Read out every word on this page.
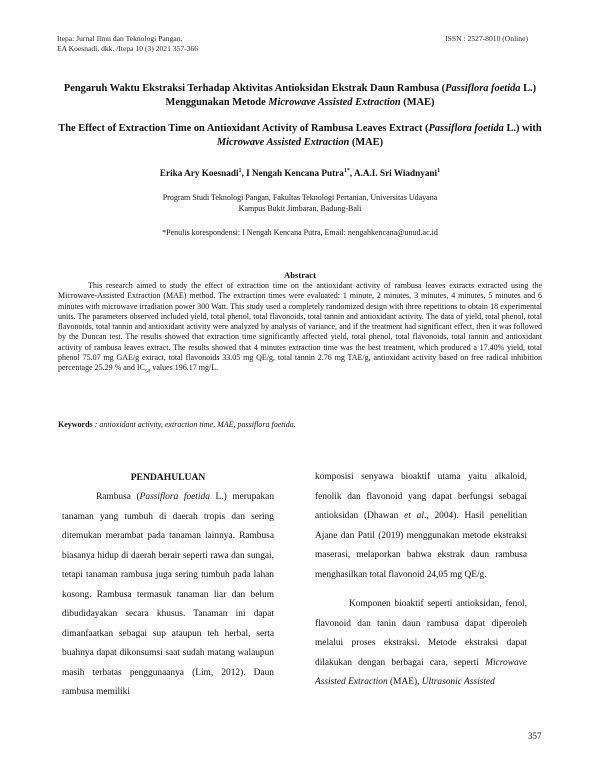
Itepa: Jurnal Ilmu dan Teknologi Pangan,
EA Koesnadi, dkk. /Itepa 10 (3) 2021 357-366
ISSN : 2527-8010 (Online)
Pengaruh Waktu Ekstraksi Terhadap Aktivitas Antioksidan Ekstrak Daun Rambusa (Passiflora foetida L.) Menggunakan Metode Microwave Assisted Extraction (MAE)
The Effect of Extraction Time on Antioxidant Activity of Rambusa Leaves Extract (Passiflora foetida L.) with Microwave Assisted Extraction (MAE)
Erika Ary Koesnadi$^1$, I Nengah Kencana Putra$^{1*}$, A.A.I. Sri Wiadnyani$^1$
Program Studi Teknologi Pangan, Fakultas Teknologi Pertanian, Universitas Udayana
Kampus Bukit Jimbaran, Badung-Bali
*Penulis korespondensi: I Nengah Kencana Putra, Email: nengahkencana@unud.ac.id
Abstract
This research aimed to study the effect of extraction time on the antioxidant activity of rambusa leaves extracts extracted using the Microwave-Assisted Extraction (MAE) method. The extraction times were evaluated: 1 minute, 2 minutes, 3 minutes, 4 minutes, 5 minutes and 6 minutes with microwave irradiation power 300 Watt. This study used a completely randomized design with three repetitions to obtain 18 experimental units. The parameters observed included yield, total phenol, total flavonoids, total tannin and antioxidant activity. The data of yield, total phenol, total flavonoids, total tannin and antioxidant activity were analyzed by analysis of variance, and if the treatment had significant effect, then it was followed by the Duncan test. The results showed that extraction time significantly affected yield, total phenol, total flavonoids, total tannin and antioxidant activity of rambusa leaves extract. The results showed that 4 minutes extraction time was the best treatment, which produced a 17.40% yield, total phenol 75.07 mg GAE/g extract, total flavonoids 33.05 mg QE/g, total tannin 2.76 mg TAE/g, antioxidant activity based on free radical inhibition percentage 25.29 % and $IC_{50}$ values 196.17 mg/L.
Keywords : antioxidant activity, extraction time, MAE, passiflora foetida.
PENDAHULUAN

Rambusa (Passiflora foetida L.) merupakan tanaman yang tumbuh di daerah tropis dan sering ditemukan merambat pada tanaman lainnya. Rambusa biasanya hidup di daerah berair seperti rawa dan sungai, tetapi tanaman rambusa juga sering tumbuh pada lahan kosong. Rambusa termasuk tanaman liar dan belum dibudidayakan secara khusus. Tanaman ini dapat dimanfaatkan sebagai sup ataupun teh herbal, serta buahnya dapat dikonsumsi saat sudah matang walaupun masih terbatas penggunaanya (Lim, 2012). Daun rambusa memiliki

komposisi senyawa bioaktif utama yaitu alkaloid, fenolik dan flavonoid yang dapat berfungsi sebagai antioksidan (Dhawan et al., 2004). Hasil penelitian Ajane dan Patil (2019) menggunakan metode ekstraksi maserasi, melaporkan bahwa ekstrak daun rambusa menghasilkan total flavonoid 24,05 mg QE/g.

Komponen bioaktif seperti antioksidan, fenol, flavonoid dan tanin daun rambusa dapat diperoleh melalui proses ekstraksi. Metode ekstraksi dapat dilakukan dengan berbagai cara, seperti Microwave Assisted Extraction (MAE), Ultrasonic Assisted

357
